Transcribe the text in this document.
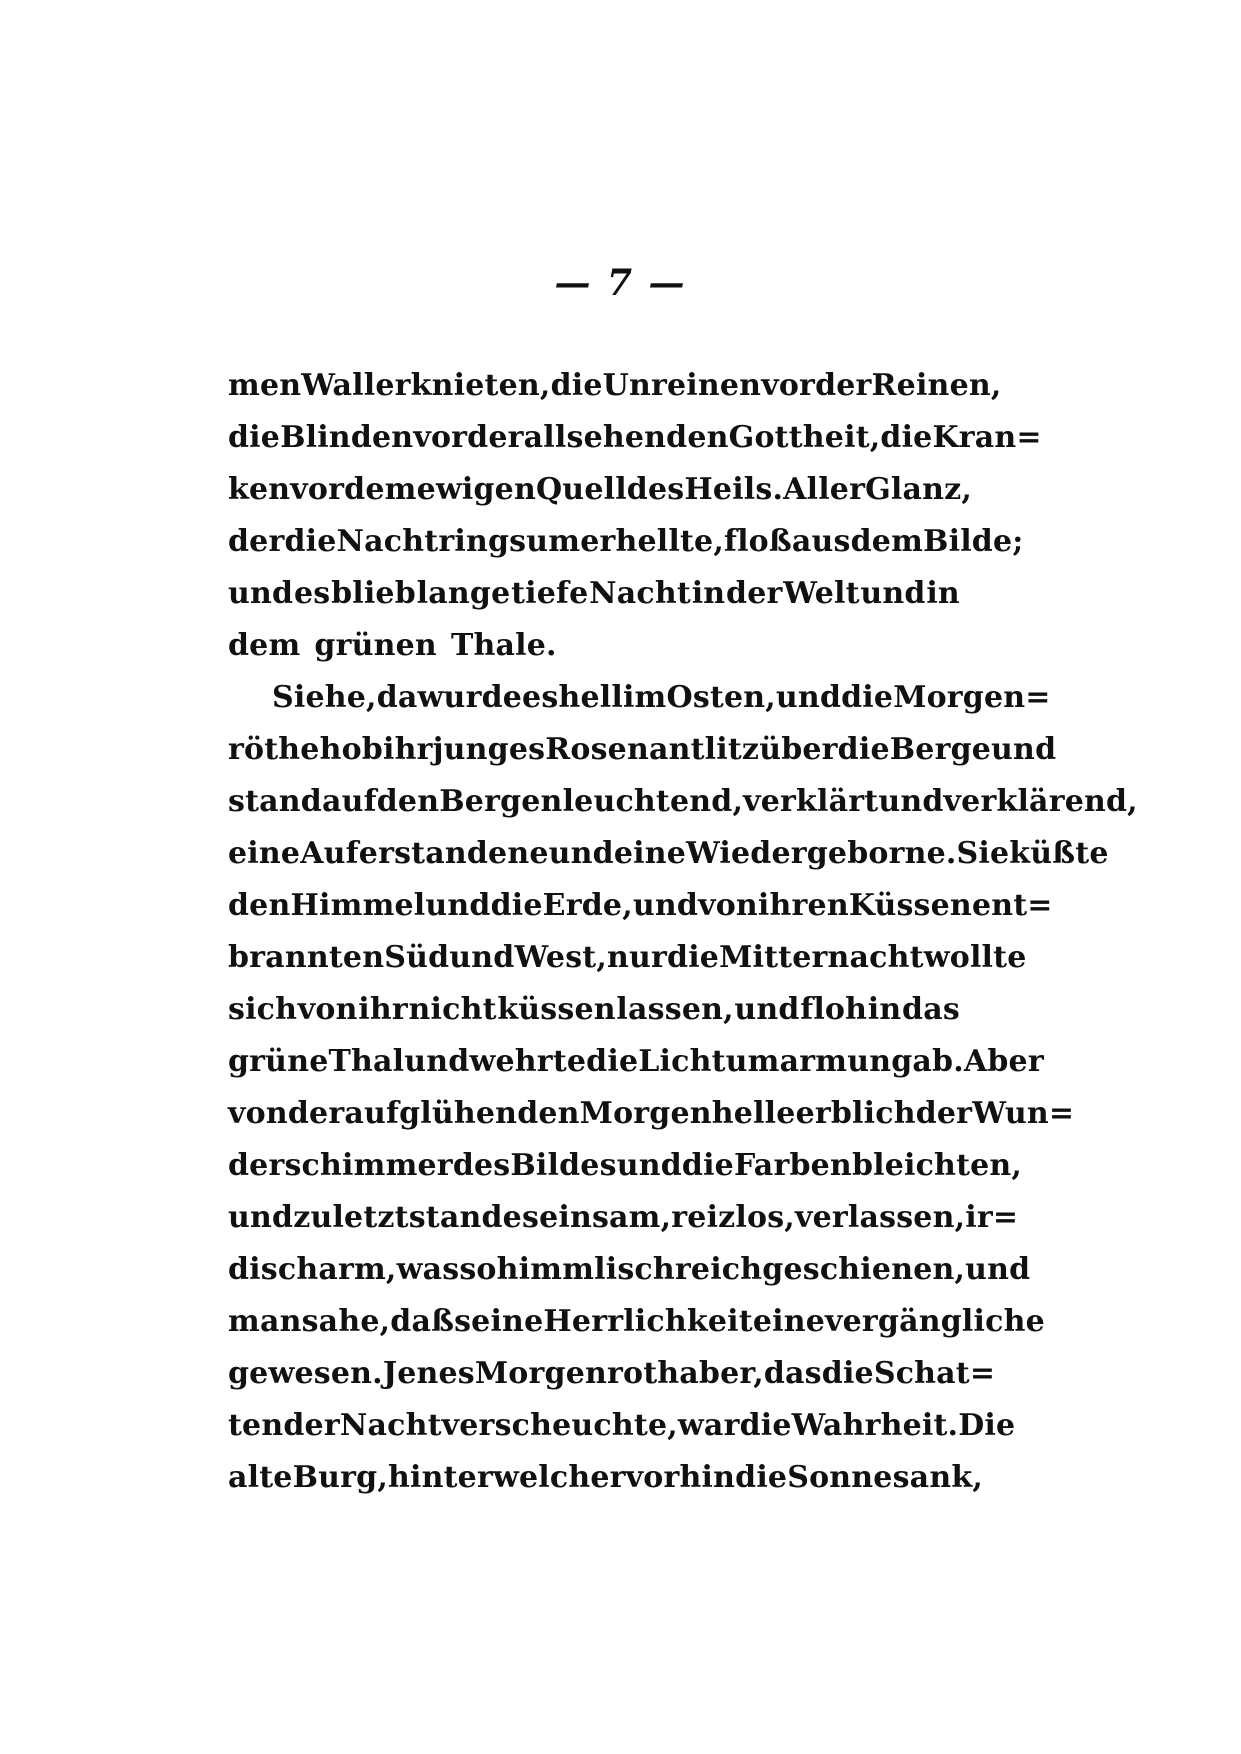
— 7 —
men Waller knieten, die Unreinen vor der Reinen,
die Blinden vor der allsehenden Gottheit, die Kran=
ken vor dem ewigen Quell des Heils. Aller Glanz,
der die Nacht ringsum erhellte, floß aus dem Bilde;
und es blieb lange tiefe Nacht in der Welt und in
dem grünen Thale.
Siehe, da wurde es hell im Osten, und die Morgen=
röthe hob ihr junges Rosenantlitz über die Berge und
stand auf den Bergen leuchtend, verklärt und verklärend,
eine Auferstandene und eine Wiedergeborne. Sie küßte
den Himmel und die Erde, und von ihren Küssen ent=
brannten Süd und West, nur die Mitternacht wollte
sich von ihr nicht küssen lassen, und floh in das
grüne Thal und wehrte die Lichtumarmung ab. Aber
von der aufglühenden Morgenhelle erblich der Wun=
derschimmer des Bildes und die Farben bleichten,
und zuletzt stand es einsam, reizlos, verlassen, ir=
discharm, was so himmlischreich geschienen, und
man sahe, daß seine Herrlichkeit eine vergängliche
gewesen. Jenes Morgenroth aber, das die Schat=
ten der Nacht verscheuchte, war die Wahrheit. Die
alte Burg, hinter welcher vorhin die Sonne sank,
